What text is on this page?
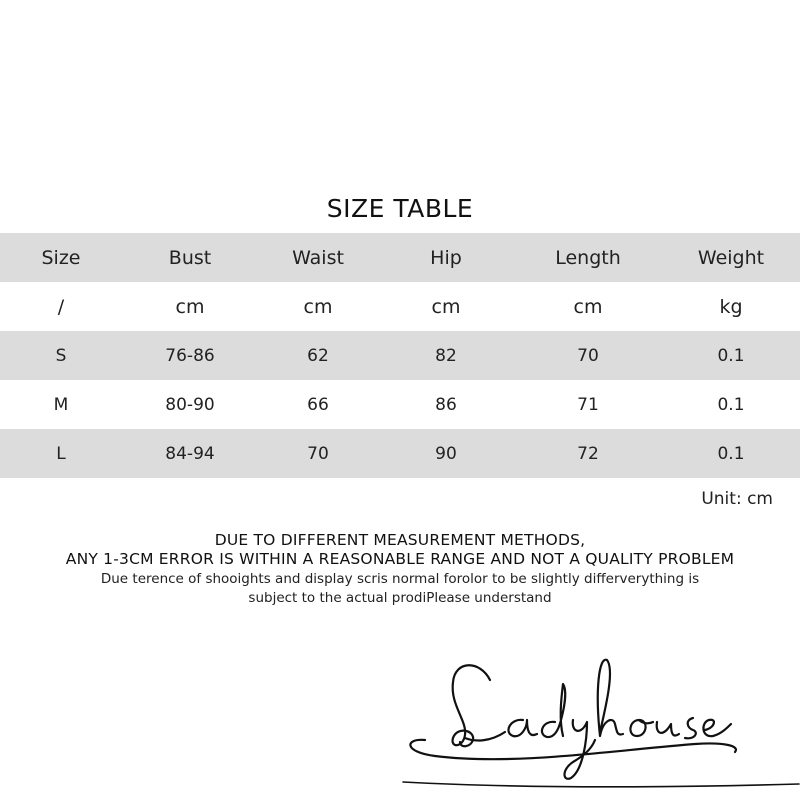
SIZE TABLE
Size	Bust	Waist	Hip	Length	Weight
/	cm	cm	cm	cm	kg
S	76-86	62	82	70	0.1
M	80-90	66	86	71	0.1
L	84-94	70	90	72	0.1
Unit: cm
DUE TO DIFFERENT MEASUREMENT METHODS,
ANY 1-3CM ERROR IS WITHIN A REASONABLE RANGE AND NOT A QUALITY PROBLEM
Due terence of shooights and display scris normal forolor to be slightly differverything is
subject to the actual prodiPlease understand
